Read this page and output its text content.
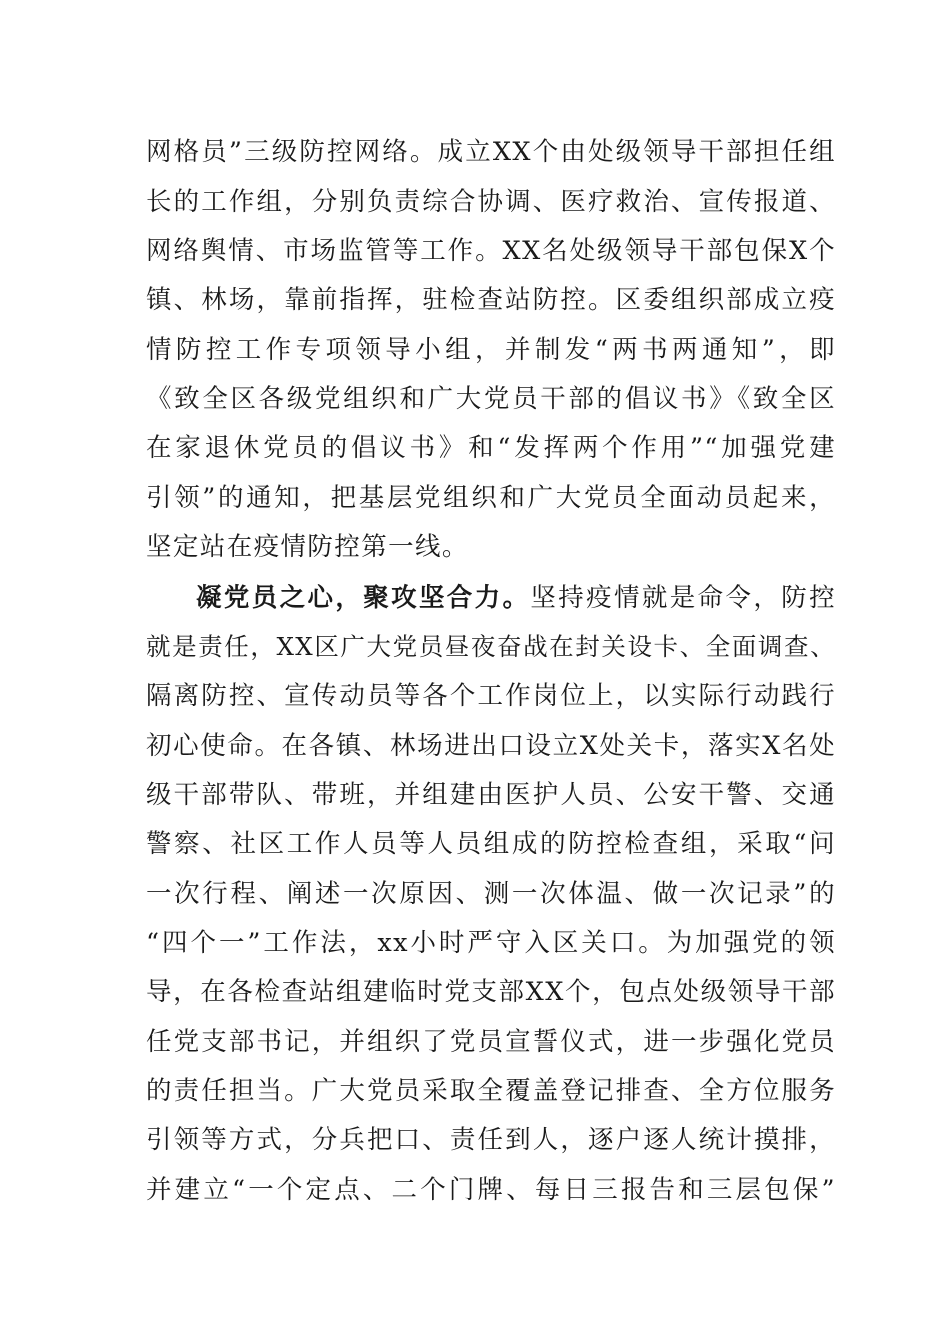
网格员”三级防控网络。成立XX个由处级领导干部担任组
长的工作组，分别负责综合协调、医疗救治、宣传报道、
网络舆情、市场监管等工作。XX名处级领导干部包保X个
镇、林场，靠前指挥，驻检查站防控。区委组织部成立疫
情防控工作专项领导小组，并制发“两书两通知”，即
《致全区各级党组织和广大党员干部的倡议书》《致全区
在家退休党员的倡议书》和“发挥两个作用”“加强党建
引领”的通知，把基层党组织和广大党员全面动员起来，
坚定站在疫情防控第一线。
凝党员之心，聚攻坚合力。坚持疫情就是命令，防控
就是责任，XX区广大党员昼夜奋战在封关设卡、全面调查、
隔离防控、宣传动员等各个工作岗位上，以实际行动践行
初心使命。在各镇、林场进出口设立X处关卡，落实X名处
级干部带队、带班，并组建由医护人员、公安干警、交通
警察、社区工作人员等人员组成的防控检查组，采取“问
一次行程、阐述一次原因、测一次体温、做一次记录”的
“四个一”工作法，xx小时严守入区关口。为加强党的领
导，在各检查站组建临时党支部XX个，包点处级领导干部
任党支部书记，并组织了党员宣誓仪式，进一步强化党员
的责任担当。广大党员采取全覆盖登记排查、全方位服务
引领等方式，分兵把口、责任到人，逐户逐人统计摸排，
并建立“一个定点、二个门牌、每日三报告和三层包保”
